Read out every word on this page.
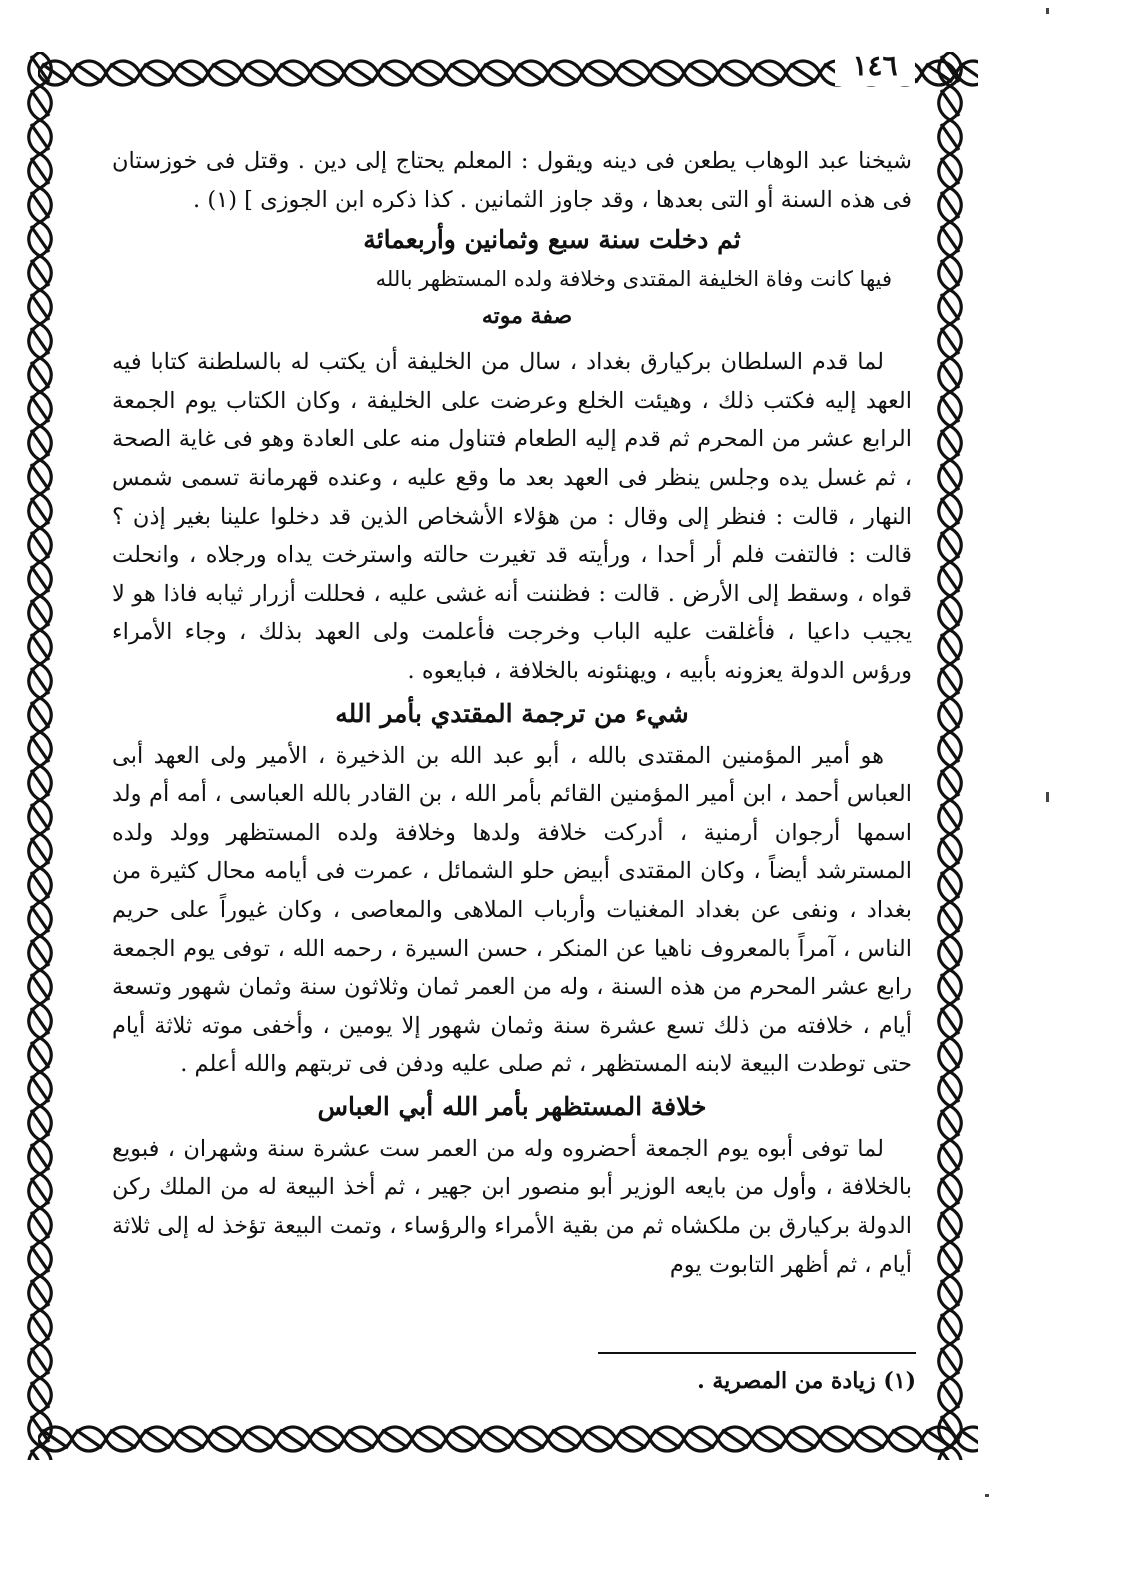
١٤٦

شيخنا عبد الوهاب يطعن فى دينه ويقول : المعلم يحتاج إلى دين . وقتل فى خوزستان فى هذه السنة أو التى بعدها ، وقد جاوز الثمانين . كذا ذكره ابن الجوزى ] (١) .

ثم دخلت سنة سبع وثمانين وأربعمائة
فيها كانت وفاة الخليفة المقتدى وخلافة ولده المستظهر بالله
صفة موته

لما قدم السلطان بركيارق بغداد ، سال من الخليفة أن يكتب له بالسلطنة كتابا فيه العهد إليه فكتب ذلك ، وهيئت الخلع وعرضت على الخليفة ، وكان الكتاب يوم الجمعة الرابع عشر من المحرم ثم قدم إليه الطعام فتناول منه على العادة وهو فى غاية الصحة ، ثم غسل يده وجلس ينظر فى العهد بعد ما وقع عليه ، وعنده قهرمانة تسمى شمس النهار ، قالت : فنظر إلى وقال : من هؤلاء الأشخاص الذين قد دخلوا علينا بغير إذن ؟ قالت : فالتفت فلم أر أحدا ، ورأيته قد تغيرت حالته واسترخت يداه ورجلاه ، وانحلت قواه ، وسقط إلى الأرض . قالت : فظننت أنه غشى عليه ، فحللت أزرار ثيابه فاذا هو لا يجيب داعيا ، فأغلقت عليه الباب وخرجت فأعلمت ولى العهد بذلك ، وجاء الأمراء ورؤس الدولة يعزونه بأبيه ، ويهنئونه بالخلافة ، فبايعوه .

شيء من ترجمة المقتدي بأمر الله

هو أمير المؤمنين المقتدى بالله ، أبو عبد الله بن الذخيرة ، الأمير ولى العهد أبى العباس أحمد ، ابن أمير المؤمنين القائم بأمر الله ، بن القادر بالله العباسى ، أمه أم ولد اسمها أرجوان أرمنية ، أدركت خلافة ولدها وخلافة ولده المستظهر وولد ولده المسترشد أيضاً ، وكان المقتدى أبيض حلو الشمائل ، عمرت فى أيامه محال كثيرة من بغداد ، ونفى عن بغداد المغنيات وأرباب الملاهى والمعاصى ، وكان غيوراً على حريم الناس ، آمراً بالمعروف ناهيا عن المنكر ، حسن السيرة ، رحمه الله ، توفى يوم الجمعة رابع عشر المحرم من هذه السنة ، وله من العمر ثمان وثلاثون سنة وثمان شهور وتسعة أيام ، خلافته من ذلك تسع عشرة سنة وثمان شهور إلا يومين ، وأخفى موته ثلاثة أيام حتى توطدت البيعة لابنه المستظهر ، ثم صلى عليه ودفن فى تربتهم والله أعلم .

خلافة المستظهر بأمر الله أبي العباس

لما توفى أبوه يوم الجمعة أحضروه وله من العمر ست عشرة سنة وشهران ، فبويع بالخلافة ، وأول من بايعه الوزير أبو منصور ابن جهير ، ثم أخذ البيعة له من الملك ركن الدولة بركيارق بن ملكشاه ثم من بقية الأمراء والرؤساء ، وتمت البيعة تؤخذ له إلى ثلاثة أيام ، ثم أظهر التابوت يوم

(١) زيادة من المصرية .
